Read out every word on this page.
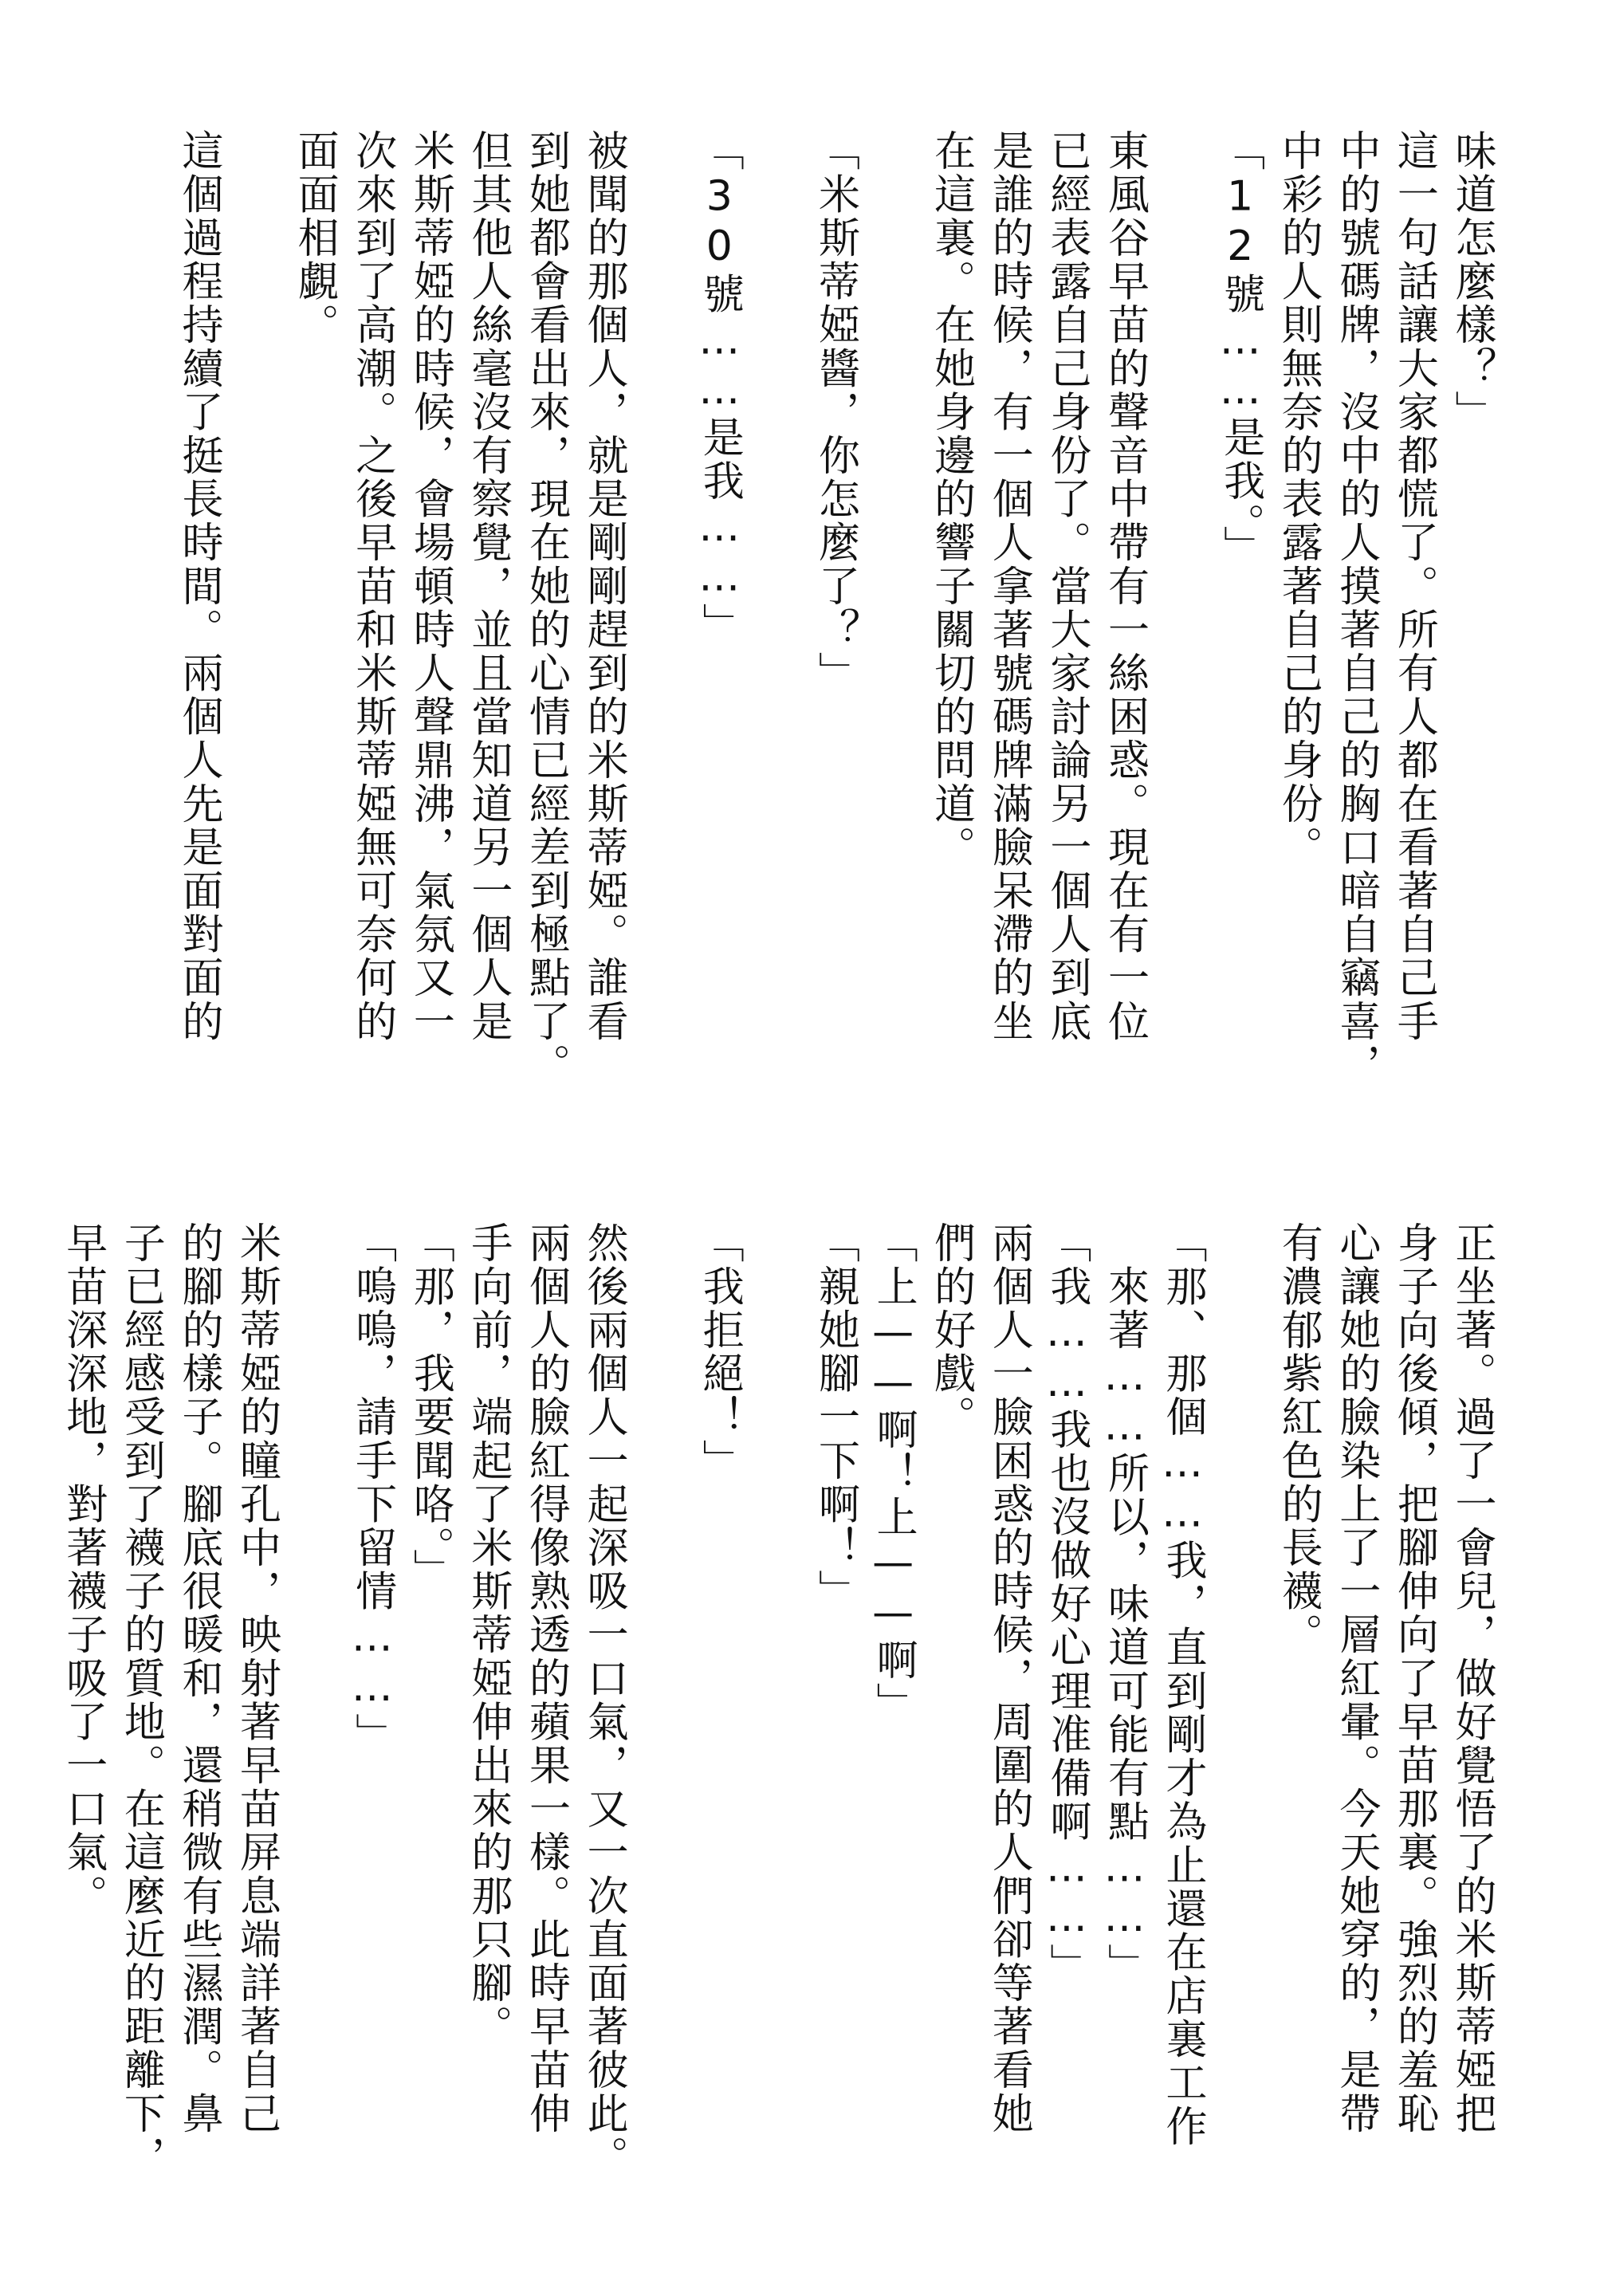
味道怎麼樣？」

這一句話讓大家都慌了。所有人都在看著自己手

中的號碼牌，沒中的人摸著自己的胸口暗自竊喜，

中彩的人則無奈的表露著自己的身份。

「12號……是我。」

東風谷早苗的聲音中帶有一絲困惑。現在有一位

已經表露自己身份了。當大家討論另一個人到底

是誰的時候，有一個人拿著號碼牌滿臉呆滯的坐

在這裏。在她身邊的響子關切的問道。

「米斯蒂婭醬，你怎麼了？」

「30號……是我……」

被聞的那個人，就是剛剛趕到的米斯蒂婭。誰看

到她都會看出來，現在她的心情已經差到極點了。

但其他人絲毫沒有察覺，並且當知道另一個人是

米斯蒂婭的時候，會場頓時人聲鼎沸，氣氛又一

次來到了高潮。之後早苗和米斯蒂婭無可奈何的

面面相覷。

這個過程持續了挺長時間。兩個人先是面對面的

正坐著。過了一會兒，做好覺悟了的米斯蒂婭把

身子向後傾，把腳伸向了早苗那裏。強烈的羞恥

心讓她的臉染上了一層紅暈。今天她穿的，是帶

有濃郁紫紅色的長襪。

「那、那個……我，直到剛才為止還在店裏工作

　來著……所以，味道可能有點……」

「我……我也沒做好心理准備啊……」

兩個人一臉困惑的時候，周圍的人們卻等著看她

們的好戲。

「上——啊！上——啊」

「親她腳一下啊！」

「我拒絕！」

然後兩個人一起深吸一口氣，又一次直面著彼此。

兩個人的臉紅得像熟透的蘋果一樣。此時早苗伸

手向前，端起了米斯蒂婭伸出來的那只腳。

「那，我要聞咯。」

「嗚嗚，請手下留情……」

米斯蒂婭的瞳孔中，映射著早苗屏息端詳著自己

的腳的樣子。腳底很暖和，還稍微有些濕潤。鼻

子已經感受到了襪子的質地。在這麼近的距離下，

早苗深深地，對著襪子吸了一口氣。
